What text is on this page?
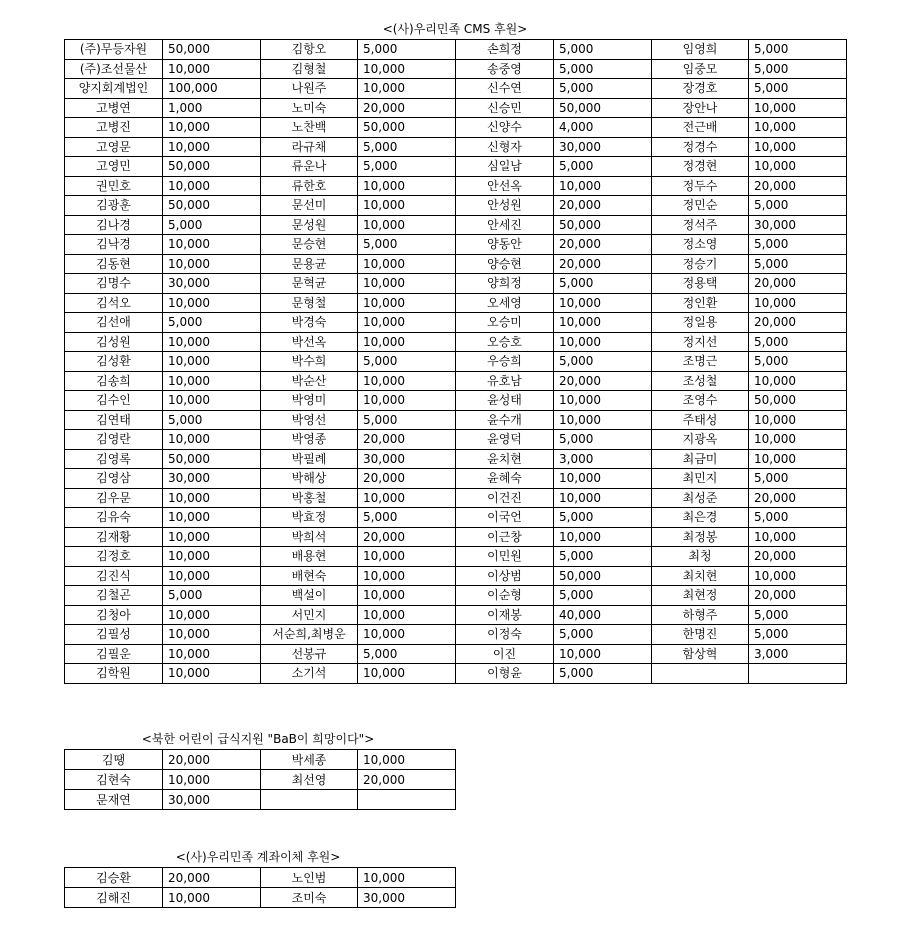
<(사)우리민족 CMS 후원>
(주)무등자원	50,000	김항오	5,000	손희정	5,000	임영희	5,000
(주)조선물산	10,000	김형철	10,000	송중영	5,000	임중모	5,000
양지회계법인	100,000	나원주	10,000	신수연	5,000	장경호	5,000
고병연	1,000	노미숙	20,000	신승민	50,000	장안나	10,000
고병진	10,000	노찬백	50,000	신양수	4,000	전근배	10,000
고영문	10,000	라규채	5,000	신형자	30,000	정경수	10,000
고영민	50,000	류운나	5,000	심일남	5,000	정경현	10,000
권민호	10,000	류한호	10,000	안선옥	10,000	정두수	20,000
김광훈	50,000	문선미	10,000	안성원	20,000	정민순	5,000
김나경	5,000	문성원	10,000	안세진	50,000	정석주	30,000
김낙경	10,000	문승현	5,000	양동안	20,000	정소영	5,000
김동현	10,000	문용균	10,000	양승현	20,000	정승기	5,000
김명수	30,000	문혁균	10,000	양희정	5,000	정용택	20,000
김석오	10,000	문형철	10,000	오세영	10,000	정인환	10,000
김선애	5,000	박경숙	10,000	오승미	10,000	정일용	20,000
김성원	10,000	박선옥	10,000	오승호	10,000	정지선	5,000
김성환	10,000	박수희	5,000	우승희	5,000	조명근	5,000
김송희	10,000	박순산	10,000	유호남	20,000	조성철	10,000
김수인	10,000	박영미	10,000	윤성태	10,000	조영수	50,000
김연태	5,000	박영선	5,000	윤수개	10,000	주태성	10,000
김영란	10,000	박영종	20,000	윤영덕	5,000	지광옥	10,000
김영록	50,000	박필례	30,000	윤치현	3,000	최금미	10,000
김영삼	30,000	박해상	20,000	윤혜숙	10,000	최민지	5,000
김우문	10,000	박홍철	10,000	이건진	10,000	최성준	20,000
김유숙	10,000	박효정	5,000	이국언	5,000	최은경	5,000
김재황	10,000	박희석	20,000	이근창	10,000	최정봉	10,000
김정호	10,000	배용현	10,000	이민원	5,000	최청	20,000
김진식	10,000	배현숙	10,000	이상범	50,000	최치현	10,000
김철곤	5,000	백설이	10,000	이순형	5,000	최현정	20,000
김청아	10,000	서민지	10,000	이재봉	40,000	하형주	5,000
김필성	10,000	서순희,최병운	10,000	이정숙	5,000	한명진	5,000
김필운	10,000	선봉규	5,000	이진	10,000	함상혁	3,000
김학원	10,000	소기석	10,000	이형윤	5,000		
<북한 어린이 급식지원 "BaB이 희망이다">
김땡	20,000	박세종	10,000
김현숙	10,000	최선영	20,000
문재연	30,000		
<(사)우리민족 계좌이체 후원>
김승환	20,000	노인범	10,000
김해진	10,000	조미숙	30,000
